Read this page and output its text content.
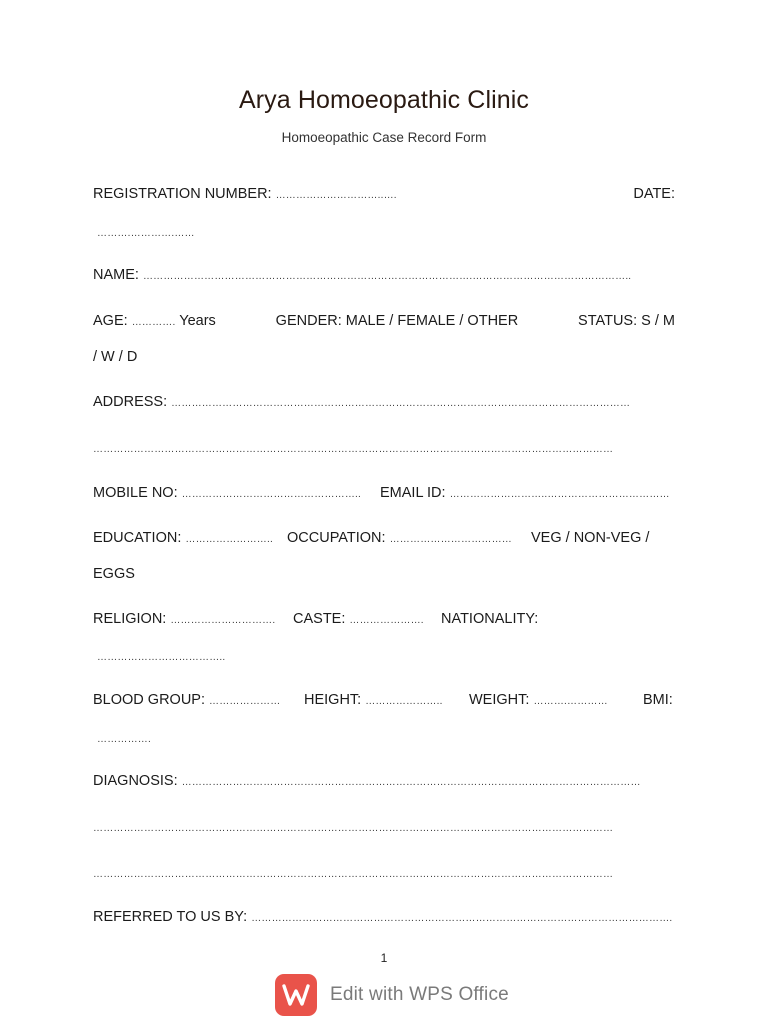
Arya Homoeopathic Clinic
Homoeopathic Case Record Form
REGISTRATION NUMBER: …………………………..….	DATE:
……….………….……
NAME: …………………………………………………………………………………….………………………………………..
AGE: …………. Years	GENDER: MALE / FEMALE / OTHER	STATUS: S / M
/ W / D
ADDRESS: ………………………………………………………………………………………………………………………
………………………………………………………………………………………………………………………………………
MOBILE NO: …………………………………………….. EMAIL ID: ………………………..………………………………
EDUCATION: …………………….. OCCUPATION: ……………………………… VEG / NON-VEG /
EGGS
RELIGION: …………………………. CASTE: …………………. NATIONALITY:
………………………………..
BLOOD GROUP: ………………… HEIGHT: ………………….. WEIGHT: ……….………… BMI:
…………….
DIAGNOSIS: ………………………………………………………………………………………………………………………
………………………………………………………………………………………………………………………………………
………………………………………………………………………………………………………………………………………
REFERRED TO US BY: …………………………………………………………………………………………………………….
1
Edit with WPS Office
